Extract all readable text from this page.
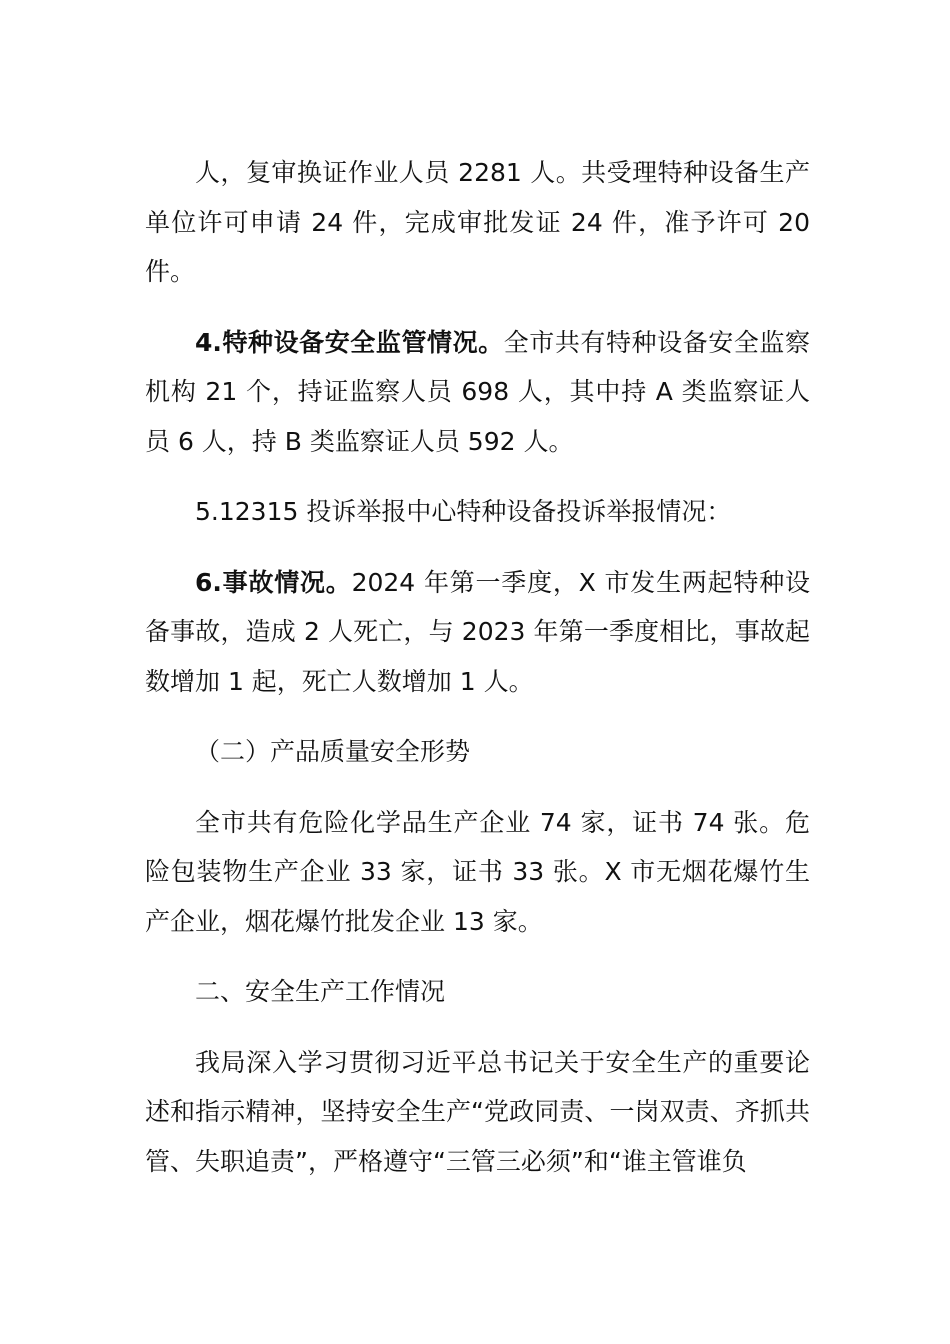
人，复审换证作业人员 2281 人。共受理特种设备生产单位许可申请 24 件，完成审批发证 24 件，准予许可 20 件。

4.特种设备安全监管情况。全市共有特种设备安全监察机构 21 个，持证监察人员 698 人，其中持 A 类监察证人员 6 人，持 B 类监察证人员 592 人。

5.12315 投诉举报中心特种设备投诉举报情况：

6.事故情况。2024 年第一季度，X 市发生两起特种设备事故，造成 2 人死亡，与 2023 年第一季度相比，事故起数增加 1 起，死亡人数增加 1 人。

（二）产品质量安全形势

全市共有危险化学品生产企业 74 家，证书 74 张。危险包装物生产企业 33 家，证书 33 张。X 市无烟花爆竹生产企业，烟花爆竹批发企业 13 家。

二、安全生产工作情况

我局深入学习贯彻习近平总书记关于安全生产的重要论述和指示精神，坚持安全生产“党政同责、一岗双责、齐抓共管、失职追责”，严格遵守“三管三必须”和“谁主管谁负
